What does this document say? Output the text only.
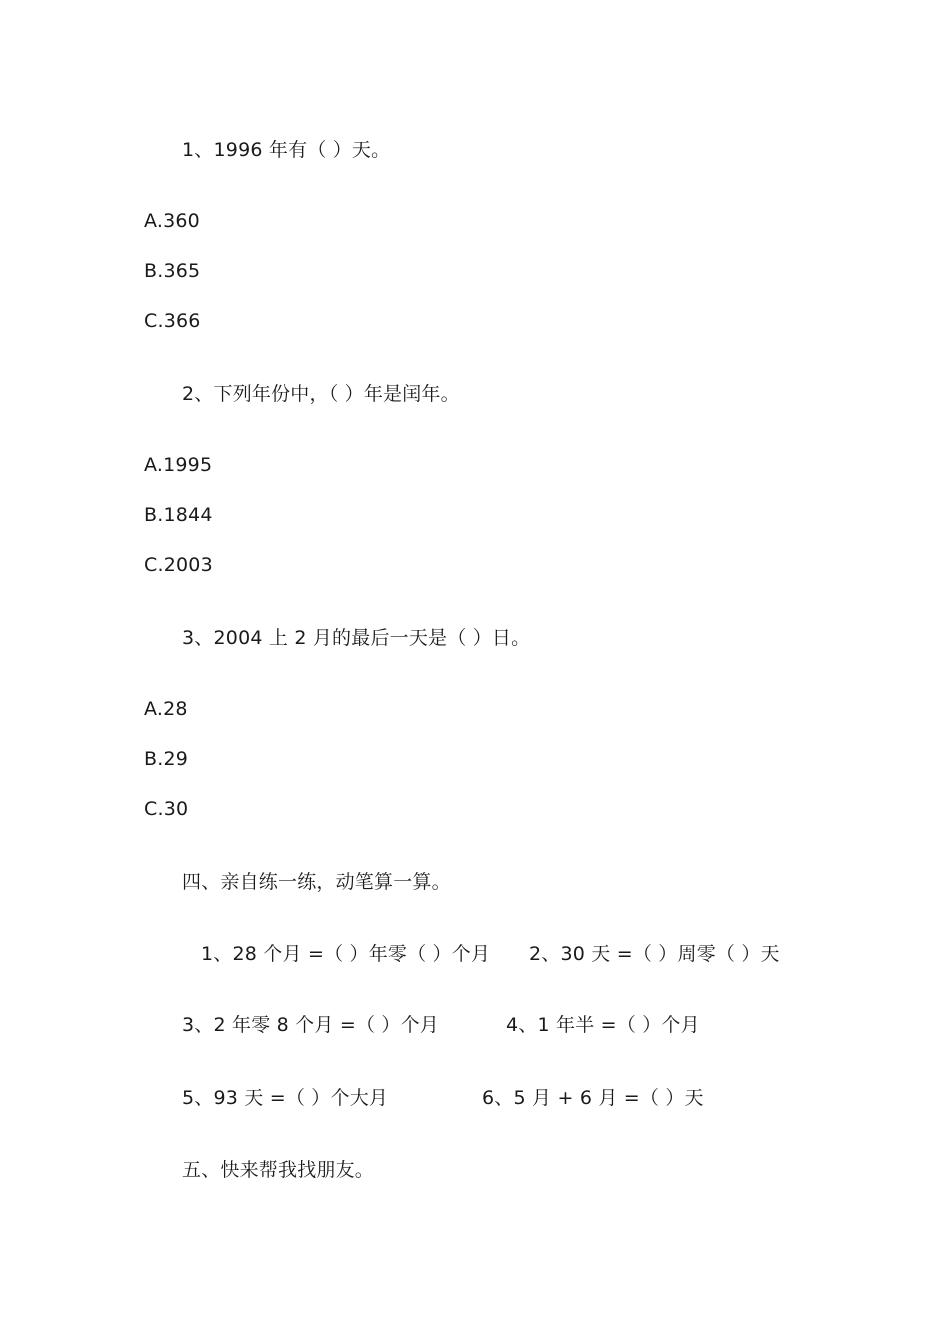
1、1996 年有（ ）天。
A.360
B.365
C.366
2、下列年份中，（ ）年是闰年。
A.1995
B.1844
C.2003
3、2004 上 2 月的最后一天是（ ）日。
A.28
B.29
C.30
四、亲自练一练，动笔算一算。
1、28 个月 =（ ）年零（ ）个月 2、30 天 =（ ）周零（ ）天
3、2 年零 8 个月 =（ ）个月	4、1 年半 =（ ）个月
5、93 天 =（ ）个大月	6、5 月 + 6 月 =（ ）天
五、快来帮我找朋友。
